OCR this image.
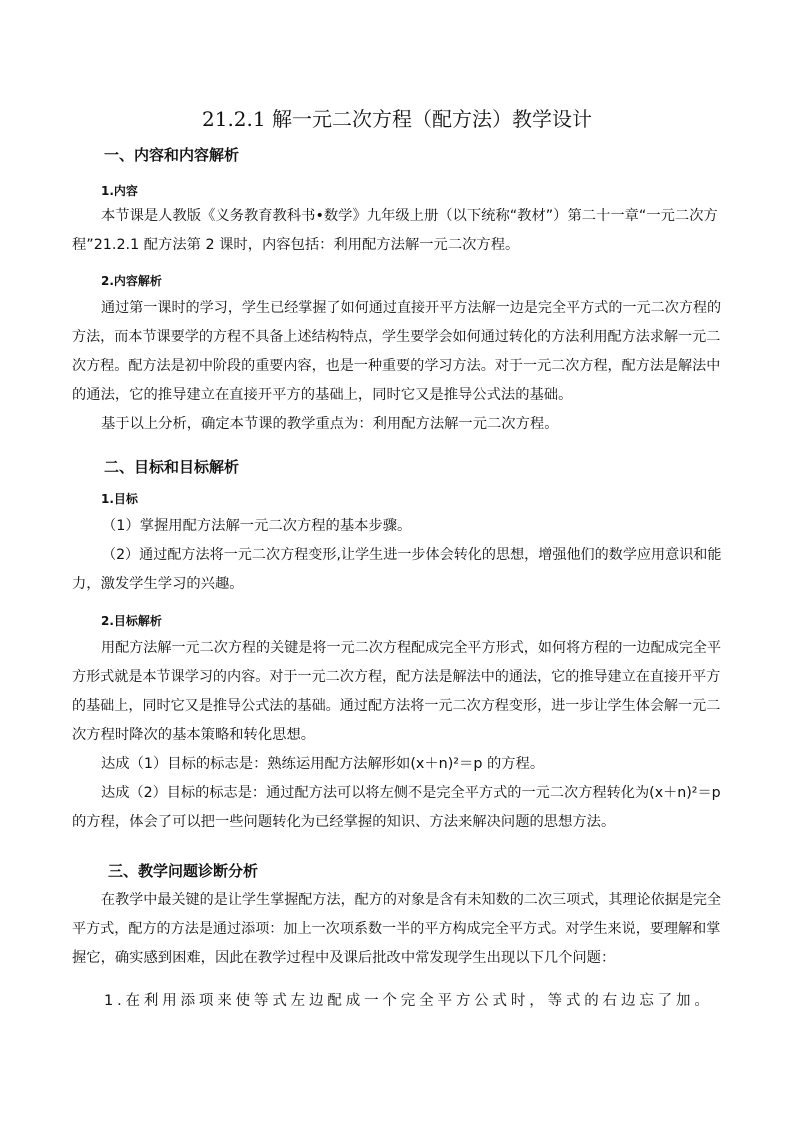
21.2.1 解一元二次方程（配方法）教学设计
一、内容和内容解析
1.内容
本节课是人教版《义务教育教科书•数学》九年级上册（以下统称“教材”）第二十一章“一元二次方
程”21.2.1 配方法第 2 课时，内容包括：利用配方法解一元二次方程。
2.内容解析
通过第一课时的学习，学生已经掌握了如何通过直接开平方法解一边是完全平方式的一元二次方程的
方法，而本节课要学的方程不具备上述结构特点，学生要学会如何通过转化的方法利用配方法求解一元二
次方程。配方法是初中阶段的重要内容，也是一种重要的学习方法。对于一元二次方程，配方法是解法中
的通法，它的推导建立在直接开平方的基础上，同时它又是推导公式法的基础。
基于以上分析，确定本节课的教学重点为：利用配方法解一元二次方程。
二、目标和目标解析
1.目标
（1）掌握用配方法解一元二次方程的基本步骤。
（2）通过配方法将一元二次方程变形,让学生进一步体会转化的思想，增强他们的数学应用意识和能
力，激发学生学习的兴趣。
2.目标解析
用配方法解一元二次方程的关键是将一元二次方程配成完全平方形式，如何将方程的一边配成完全平
方形式就是本节课学习的内容。对于一元二次方程，配方法是解法中的通法，它的推导建立在直接开平方
的基础上，同时它又是推导公式法的基础。通过配方法将一元二次方程变形，进一步让学生体会解一元二
次方程时降次的基本策略和转化思想。
达成（1）目标的标志是：熟练运用配方法解形如(x＋n)²＝p 的方程。
达成（2）目标的标志是：通过配方法可以将左侧不是完全平方式的一元二次方程转化为(x＋n)²＝p
的方程，体会了可以把一些问题转化为已经掌握的知识、方法来解决问题的思想方法。
三、教学问题诊断分析
在教学中最关键的是让学生掌握配方法，配方的对象是含有未知数的二次三项式，其理论依据是完全
平方式，配方的方法是通过添项：加上一次项系数一半的平方构成完全平方式。对学生来说，要理解和掌
握它，确实感到困难，因此在教学过程中及课后批改中常发现学生出现以下几个问题：
1.在利用添项来使等式左边配成一个完全平方公式时，等式的右边忘了加。
